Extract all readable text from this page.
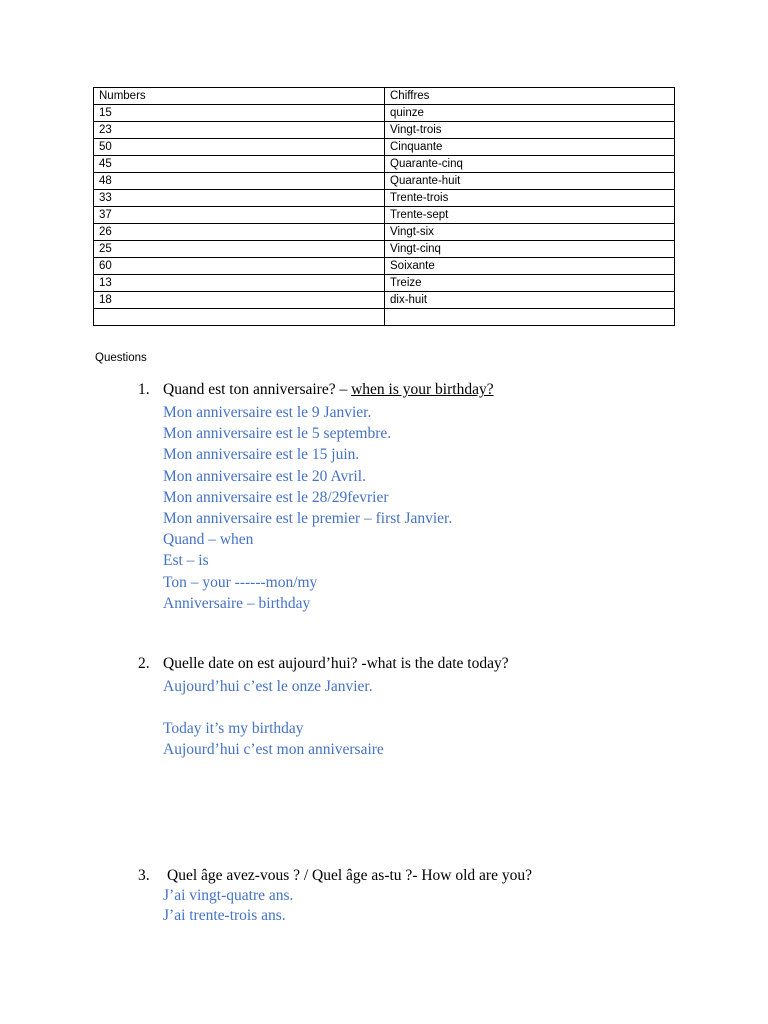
Numbers	Chiffres
15	quinze
23	Vingt-trois
50	Cinquante
45	Quarante-cinq
48	Quarante-huit
33	Trente-trois
37	Trente-sept
26	Vingt-six
25	Vingt-cinq
60	Soixante
13	Treize
18	dix-huit

Questions
1. Quand est ton anniversaire? – when is your birthday?
Mon anniversaire est le 9 Janvier.
Mon anniversaire est le 5 septembre.
Mon anniversaire est le 15 juin.
Mon anniversaire est le 20 Avril.
Mon anniversaire est le 28/29fevrier
Mon anniversaire est le premier – first Janvier.
Quand – when
Est – is
Ton – your ------mon/my
Anniversaire – birthday
2. Quelle date on est aujourd’hui? -what is the date today?
Aujourd’hui c’est le onze Janvier.

Today it’s my birthday
Aujourd’hui c’est mon anniversaire
3. Quel âge avez-vous ? / Quel âge as-tu ?- How old are you?
J’ai vingt-quatre ans.
J’ai trente-trois ans.
